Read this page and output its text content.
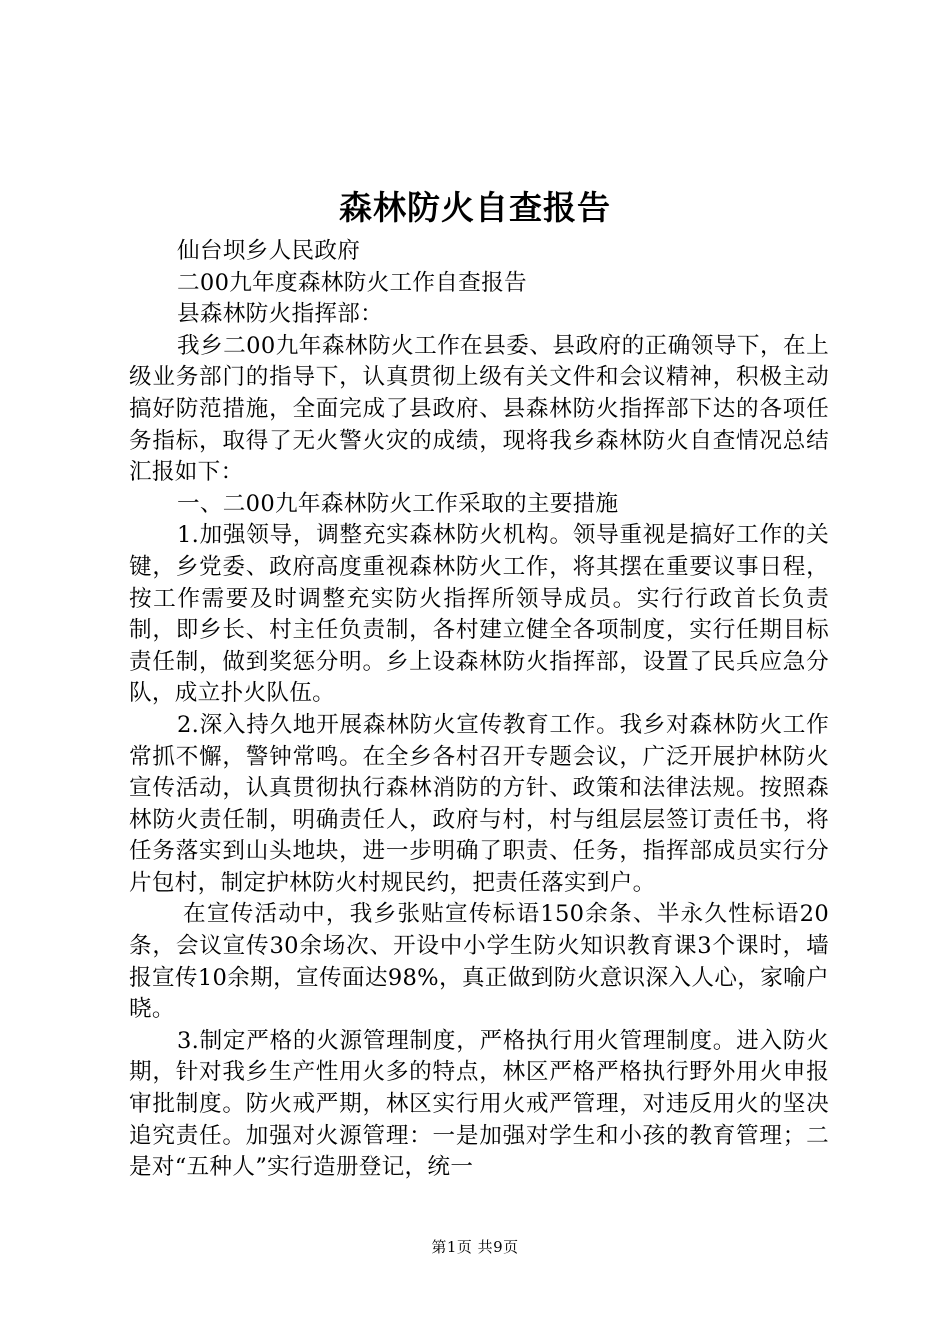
森林防火自查报告

仙台坝乡人民政府

二00九年度森林防火工作自查报告

县森林防火指挥部：

我乡二00九年森林防火工作在县委、县政府的正确领导下，在上级业务部门的指导下，认真贯彻上级有关文件和会议精神，积极主动搞好防范措施，全面完成了县政府、县森林防火指挥部下达的各项任务指标，取得了无火警火灾的成绩，现将我乡森林防火自查情况总结汇报如下：

一、二00九年森林防火工作采取的主要措施

1.加强领导，调整充实森林防火机构。领导重视是搞好工作的关键，乡党委、政府高度重视森林防火工作，将其摆在重要议事日程，按工作需要及时调整充实防火指挥所领导成员。实行行政首长负责制，即乡长、村主任负责制，各村建立健全各项制度，实行任期目标责任制，做到奖惩分明。乡上设森林防火指挥部，设置了民兵应急分队，成立扑火队伍。

2.深入持久地开展森林防火宣传教育工作。我乡对森林防火工作常抓不懈，警钟常鸣。在全乡各村召开专题会议，广泛开展护林防火宣传活动，认真贯彻执行森林消防的方针、政策和法律法规。按照森林防火责任制，明确责任人，政府与村，村与组层层签订责任书，将任务落实到山头地块，进一步明确了职责、任务，指挥部成员实行分片包村，制定护林防火村规民约，把责任落实到户。

在宣传活动中，我乡张贴宣传标语150余条、半永久性标语20条，会议宣传30余场次、开设中小学生防火知识教育课3个课时，墙报宣传10余期，宣传面达98%，真正做到防火意识深入人心，家喻户晓。

3.制定严格的火源管理制度，严格执行用火管理制度。进入防火期，针对我乡生产性用火多的特点，林区严格严格执行野外用火申报审批制度。防火戒严期，林区实行用火戒严管理，对违反用火的坚决追究责任。加强对火源管理：一是加强对学生和小孩的教育管理；二是对“五种人”实行造册登记，统一

第1页 共9页
